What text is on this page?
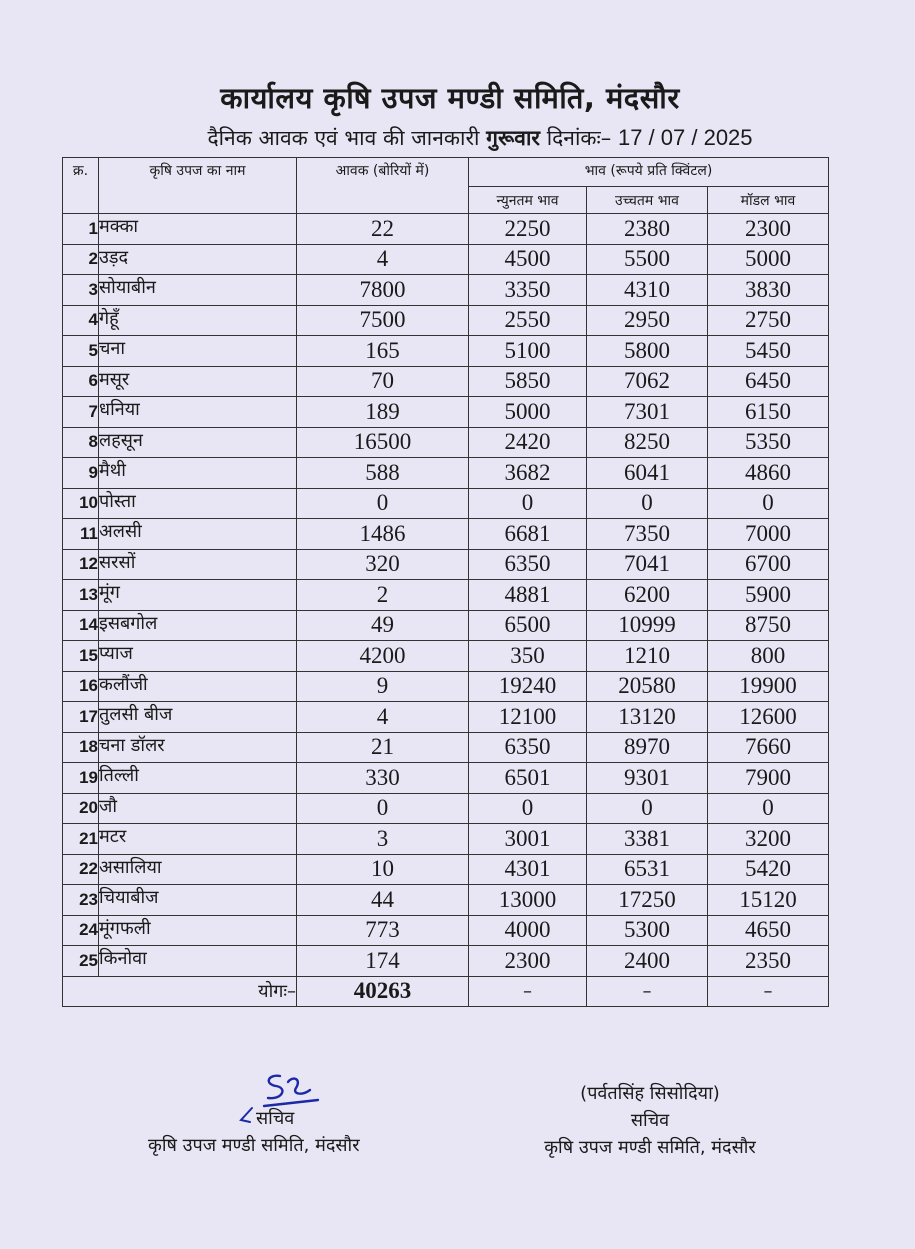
कार्यालय कृषि उपज मण्डी समिति, मंदसौर
दैनिक आवक एवं भाव की जानकारी गुरूवार दिनांकः– 17 / 07 / 2025
क्र.	कृषि उपज का नाम	आवक (बोरियों में)	भाव (रूपये प्रति क्विंटल)		
			न्युनतम भाव	उच्चतम भाव	मॉडल भाव
1	मक्का	22	2250	2380	2300
2	उड़द	4	4500	5500	5000
3	सोयाबीन	7800	3350	4310	3830
4	गेहूँ	7500	2550	2950	2750
5	चना	165	5100	5800	5450
6	मसूर	70	5850	7062	6450
7	धनिया	189	5000	7301	6150
8	लहसून	16500	2420	8250	5350
9	मैथी	588	3682	6041	4860
10	पोस्ता	0	0	0	0
11	अलसी	1486	6681	7350	7000
12	सरसों	320	6350	7041	6700
13	मूंग	2	4881	6200	5900
14	इसबगोल	49	6500	10999	8750
15	प्याज	4200	350	1210	800
16	कलौंजी	9	19240	20580	19900
17	तुलसी बीज	4	12100	13120	12600
18	चना डॉलर	21	6350	8970	7660
19	तिल्ली	330	6501	9301	7900
20	जौ	0	0	0	0
21	मटर	3	3001	3381	3200
22	असालिया	10	4301	6531	5420
23	चियाबीज	44	13000	17250	15120
24	मूंगफली	773	4000	5300	4650
25	किनोवा	174	2300	2400	2350
योगः–		40263	–	–	–
सचिव
कृषि उपज मण्डी समिति, मंदसौर
(पर्वतसिंह सिसोदिया)
सचिव
कृषि उपज मण्डी समिति, मंदसौर
